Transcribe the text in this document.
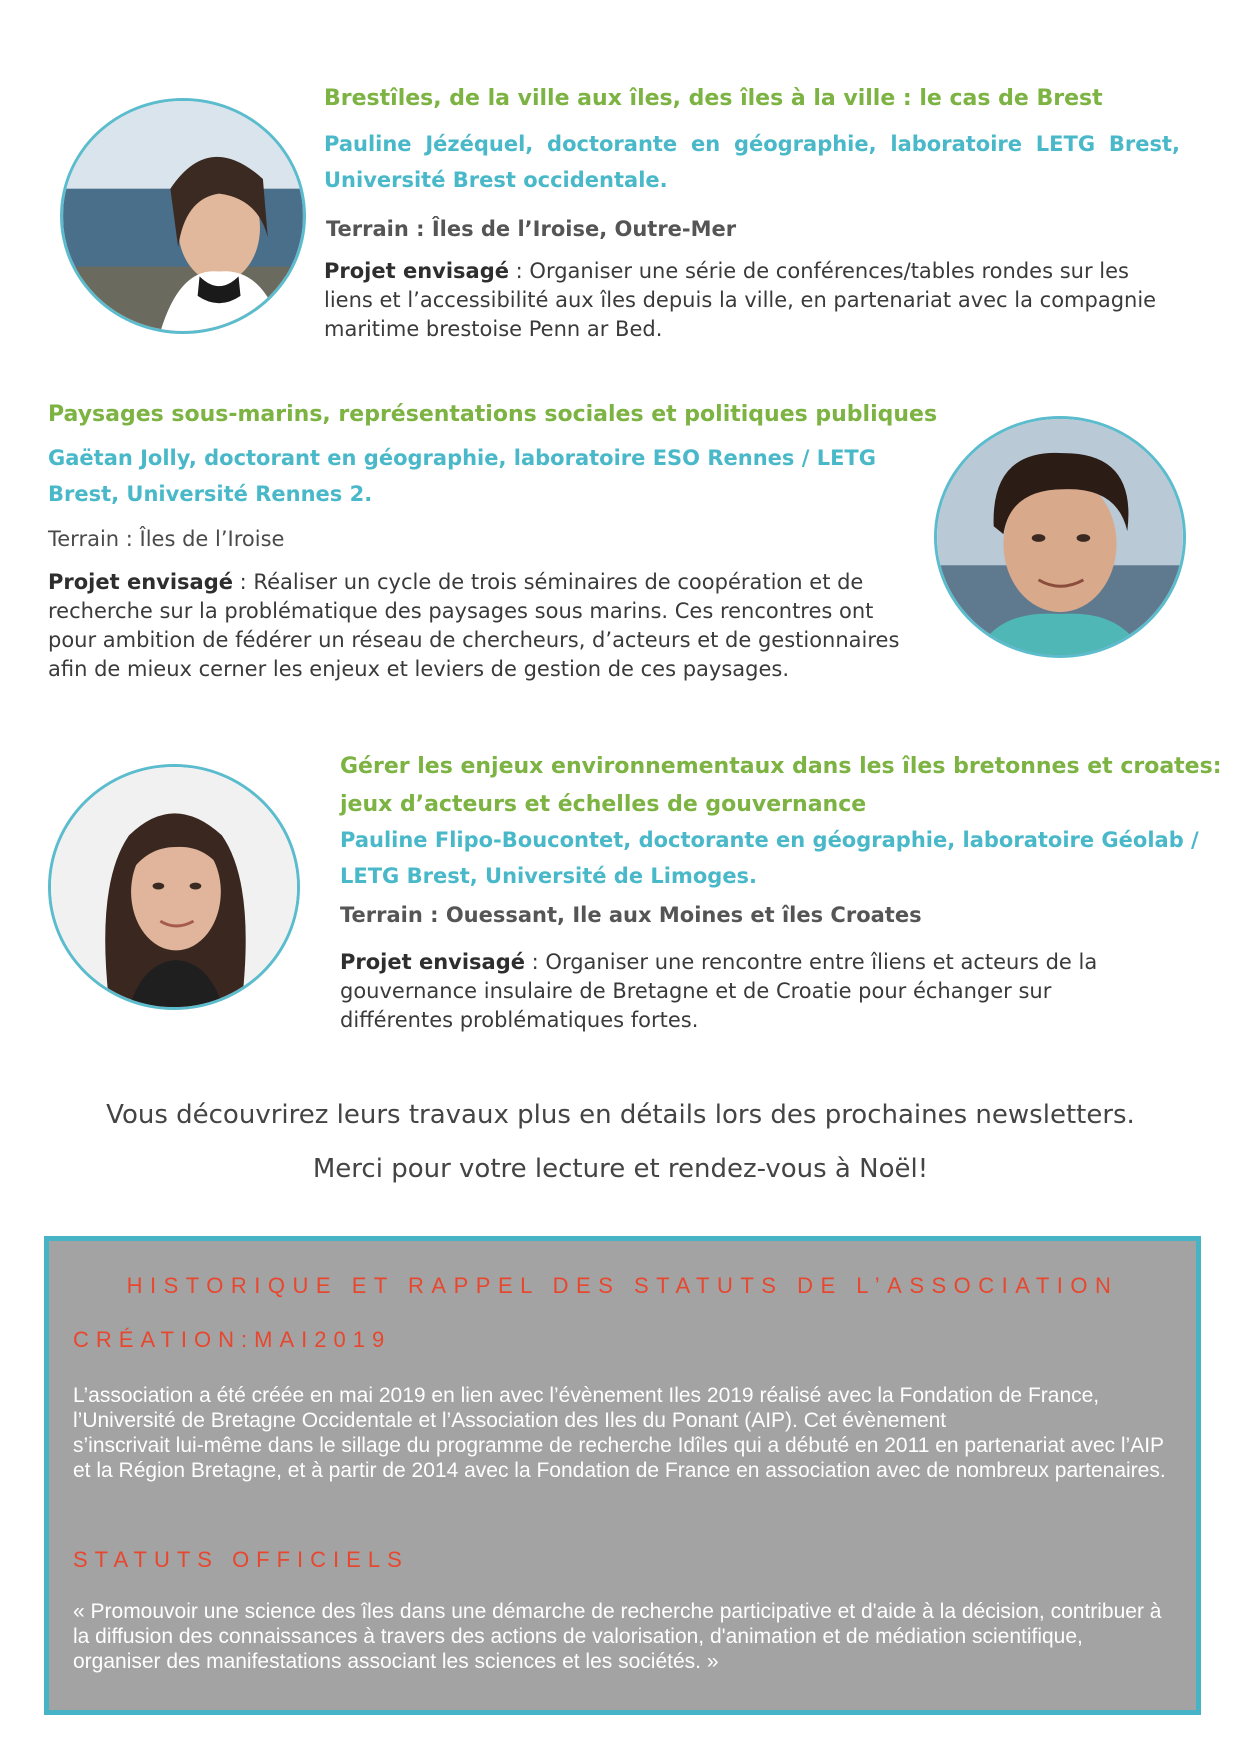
Brestîles, de la ville aux îles, des îles à la ville : le cas de Brest

Pauline Jézéquel, doctorante en géographie, laboratoire LETG Brest,

Université Brest occidentale.

Terrain : Îles de l’Iroise, Outre-Mer

Projet envisagé : Organiser une série de conférences/tables rondes sur les

liens et l’accessibilité aux îles depuis la ville, en partenariat avec la compagnie

maritime brestoise Penn ar Bed.

Paysages sous-marins, représentations sociales et politiques publiques

Gaëtan Jolly, doctorant en géographie, laboratoire ESO Rennes / LETG

Brest, Université Rennes 2.

Terrain : Îles de l’Iroise

Projet envisagé : Réaliser un cycle de trois séminaires de coopération et de

recherche sur la problématique des paysages sous marins. Ces rencontres ont

pour ambition de fédérer un réseau de chercheurs, d’acteurs et de gestionnaires

afin de mieux cerner les enjeux et leviers de gestion de ces paysages.

Gérer les enjeux environnementaux dans les îles bretonnes et croates:

jeux d’acteurs et échelles de gouvernance

Pauline Flipo-Boucontet, doctorante en géographie, laboratoire Géolab /

LETG Brest, Université de Limoges.

Terrain : Ouessant, Ile aux Moines et îles Croates

Projet envisagé : Organiser une rencontre entre îliens et acteurs de la

gouvernance insulaire de Bretagne et de Croatie pour échanger sur

différentes problématiques fortes.

Vous découvrirez leurs travaux plus en détails lors des prochaines newsletters.

Merci pour votre lecture et rendez-vous à Noël!

HISTORIQUE ET RAPPEL DES STATUTS DE L’ASSOCIATION

CRÉATION:MAI2019

L’association a été créée en mai 2019 en lien avec l’évènement Iles 2019 réalisé avec la Fondation de France, l’Université de Bretagne Occidentale et l’Association des Iles du Ponant (AIP). Cet évènement
s’inscrivait lui-même dans le sillage du programme de recherche Idîles qui a débuté en 2011 en partenariat avec l’AIP et la Région Bretagne, et à partir de 2014 avec la Fondation de France en association avec de nombreux partenaires.

STATUTS OFFICIELS

« Promouvoir une science des îles dans une démarche de recherche participative et d'aide à la décision, contribuer à la diffusion des connaissances à travers des actions de valorisation, d'animation et de médiation scientifique, organiser des manifestations associant les sciences et les sociétés. »
